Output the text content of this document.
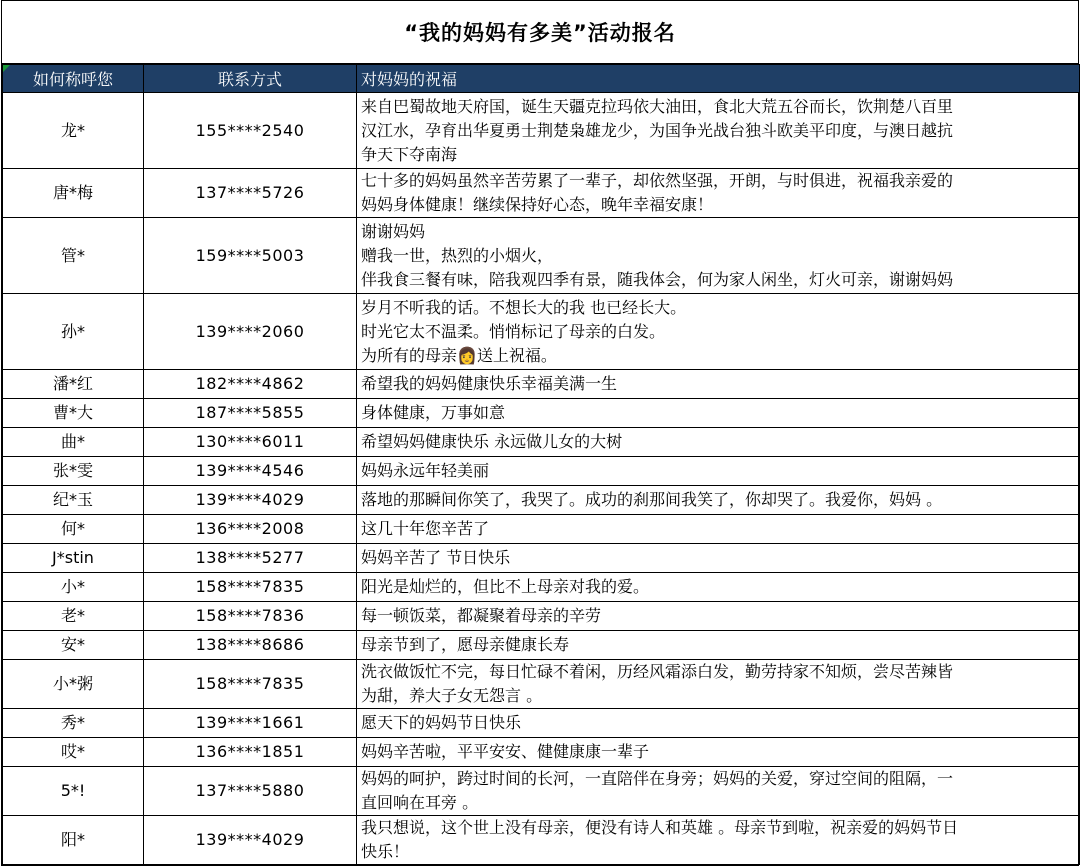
“我的妈妈有多美”活动报名
如何称呼您	联系方式	对妈妈的祝福
龙*	155****2540	来自巴蜀故地天府国，诞生天疆克拉玛依大油田，食北大荒五谷而长，饮荆楚八百里
汉江水，孕育出华夏勇士荆楚枭雄龙少，为国争光战台独斗欧美平印度，与澳日越抗
争天下夺南海

唐*梅	137****5726	七十多的妈妈虽然辛苦劳累了一辈子，却依然坚强，开朗，与时俱进，祝福我亲爱的
妈妈身体健康！继续保持好心态，晚年幸福安康！

管*	159****5003	谢谢妈妈
赠我一世，热烈的小烟火，
伴我食三餐有味，陪我观四季有景，随我体会，何为家人闲坐，灯火可亲，谢谢妈妈

孙*	139****2060	岁月不听我的话。不想长大的我 也已经长大。
时光它太不温柔。悄悄标记了母亲的白发。
为所有的母亲👩送上祝福。

潘*红	182****4862	希望我的妈妈健康快乐幸福美满一生

曹*大	187****5855	身体健康，万事如意

曲*	130****6011	希望妈妈健康快乐 永远做儿女的大树

张*雯	139****4546	妈妈永远年轻美丽

纪*玉	139****4029	落地的那瞬间你笑了，我哭了。成功的刹那间我笑了，你却哭了。我爱你，妈妈 。

何*	136****2008	这几十年您辛苦了

J*stin	138****5277	妈妈辛苦了 节日快乐

小*	158****7835	阳光是灿烂的，但比不上母亲对我的爱。

老*	158****7836	每一顿饭菜，都凝聚着母亲的辛劳

安*	138****8686	母亲节到了，愿母亲健康长寿

小*粥	158****7835	洗衣做饭忙不完，每日忙碌不着闲，历经风霜添白发，勤劳持家不知烦，尝尽苦辣皆
为甜，养大子女无怨言 。

秀*	139****1661	愿天下的妈妈节日快乐

哎*	136****1851	妈妈辛苦啦，平平安安、健健康康一辈子

5*!	137****5880	妈妈的呵护，跨过时间的长河，一直陪伴在身旁；妈妈的关爱，穿过空间的阻隔，一
直回响在耳旁 。

阳*	139****4029	我只想说，这个世上没有母亲，便没有诗人和英雄 。母亲节到啦，祝亲爱的妈妈节日
快乐！
